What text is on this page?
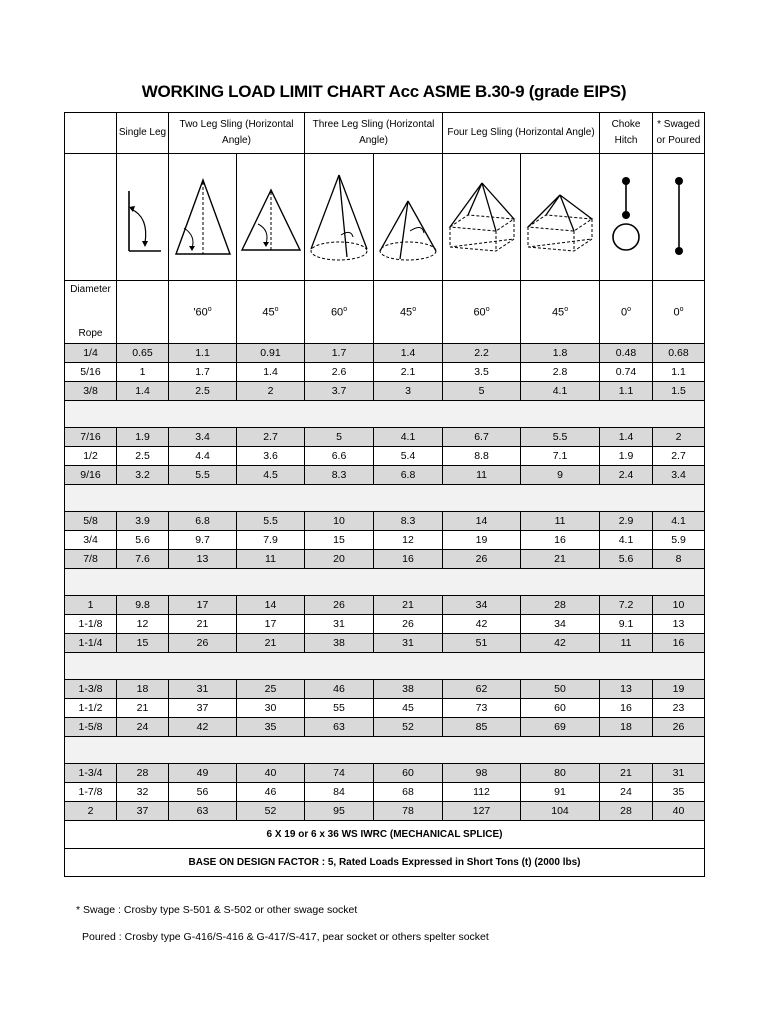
WORKING LOAD LIMIT CHART Acc ASME B.30-9 (grade EIPS)
	Single Leg	Two Leg Sling (Horizontal Angle)		Three Leg Sling (Horizontal Angle)		Four Leg Sling (Horizontal Angle)		Choke Hitch	* Swaged or Poured

Diameter
Rope		'60$^o$	45$^o$	60$^o$	45$^o$	60$^o$	45$^o$	0$^o$	0$^o$
1/4	0.65	1.1	0.91	1.7	1.4	2.2	1.8	0.48	0.68
5/16	1	1.7	1.4	2.6	2.1	3.5	2.8	0.74	1.1
3/8	1.4	2.5	2	3.7	3	5	4.1	1.1	1.5

7/16	1.9	3.4	2.7	5	4.1	6.7	5.5	1.4	2
1/2	2.5	4.4	3.6	6.6	5.4	8.8	7.1	1.9	2.7
9/16	3.2	5.5	4.5	8.3	6.8	11	9	2.4	3.4

5/8	3.9	6.8	5.5	10	8.3	14	11	2.9	4.1
3/4	5.6	9.7	7.9	15	12	19	16	4.1	5.9
7/8	7.6	13	11	20	16	26	21	5.6	8

1	9.8	17	14	26	21	34	28	7.2	10
1-1/8	12	21	17	31	26	42	34	9.1	13
1-1/4	15	26	21	38	31	51	42	11	16

1-3/8	18	31	25	46	38	62	50	13	19
1-1/2	21	37	30	55	45	73	60	16	23
1-5/8	24	42	35	63	52	85	69	18	26

1-3/4	28	49	40	74	60	98	80	21	31
1-7/8	32	56	46	84	68	112	91	24	35
2	37	63	52	95	78	127	104	28	40
6 X 19 or 6 x 36 WS IWRC (MECHANICAL SPLICE)									
BASE ON DESIGN FACTOR : 5, Rated Loads Expressed in Short Tons (t) (2000 lbs)									
* Swage : Crosby type S-501 & S-502 or other swage socket
Poured : Crosby type G-416/S-416 & G-417/S-417, pear socket or others spelter socket
